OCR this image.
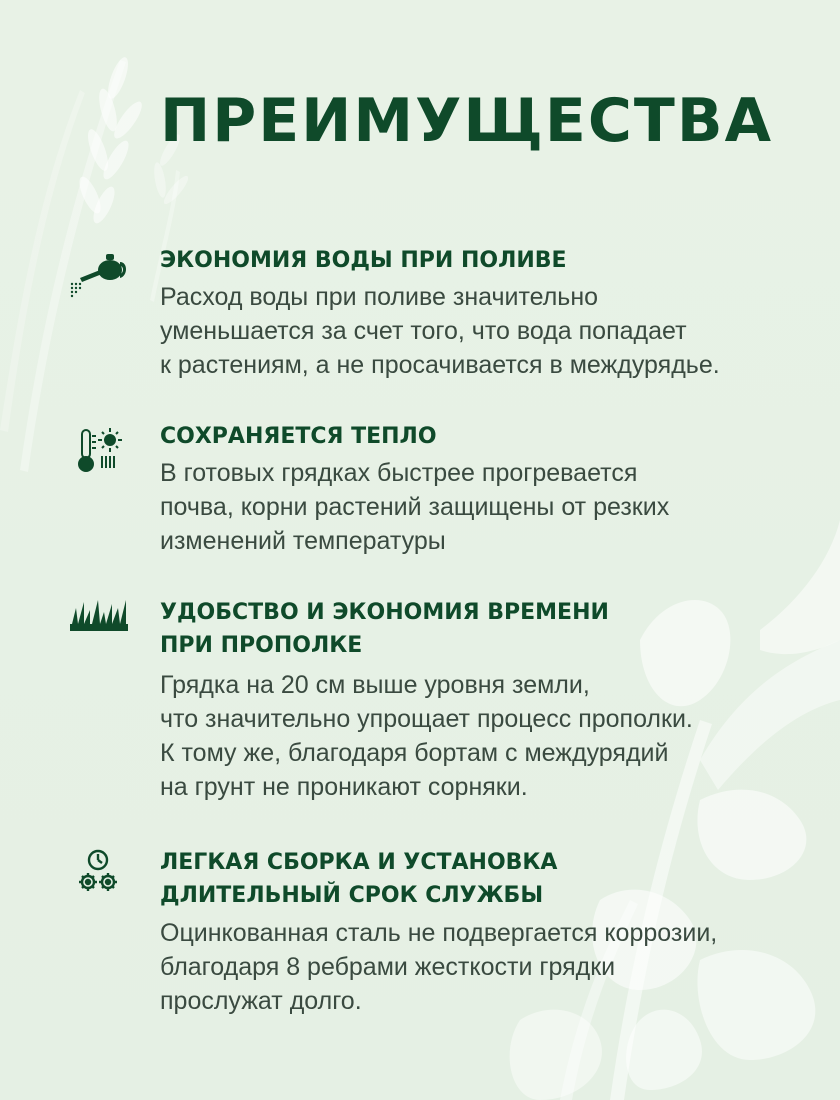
ПРЕИМУЩЕСТВА
ЭКОНОМИЯ ВОДЫ ПРИ ПОЛИВЕ

Расход воды при поливе значительно
уменьшается за счет того, что вода попадает
к растениям, а не просачивается в междурядье.

СОХРАНЯЕТСЯ ТЕПЛО

В готовых грядках быстрее прогревается
почва, корни растений защищены от резких
изменений температуры

УДОБСТВО И ЭКОНОМИЯ ВРЕМЕНИ
ПРИ ПРОПОЛКЕ

Грядка на 20 см выше уровня земли,
что значительно упрощает процесс прополки.
К тому же, благодаря бортам с междурядий
на грунт не проникают сорняки.

ЛЕГКАЯ СБОРКА И УСТАНОВКА
ДЛИТЕЛЬНЫЙ СРОК СЛУЖБЫ

Оцинкованная сталь не подвергается коррозии,
благодаря 8 ребрами жесткости грядки
прослужат долго.
